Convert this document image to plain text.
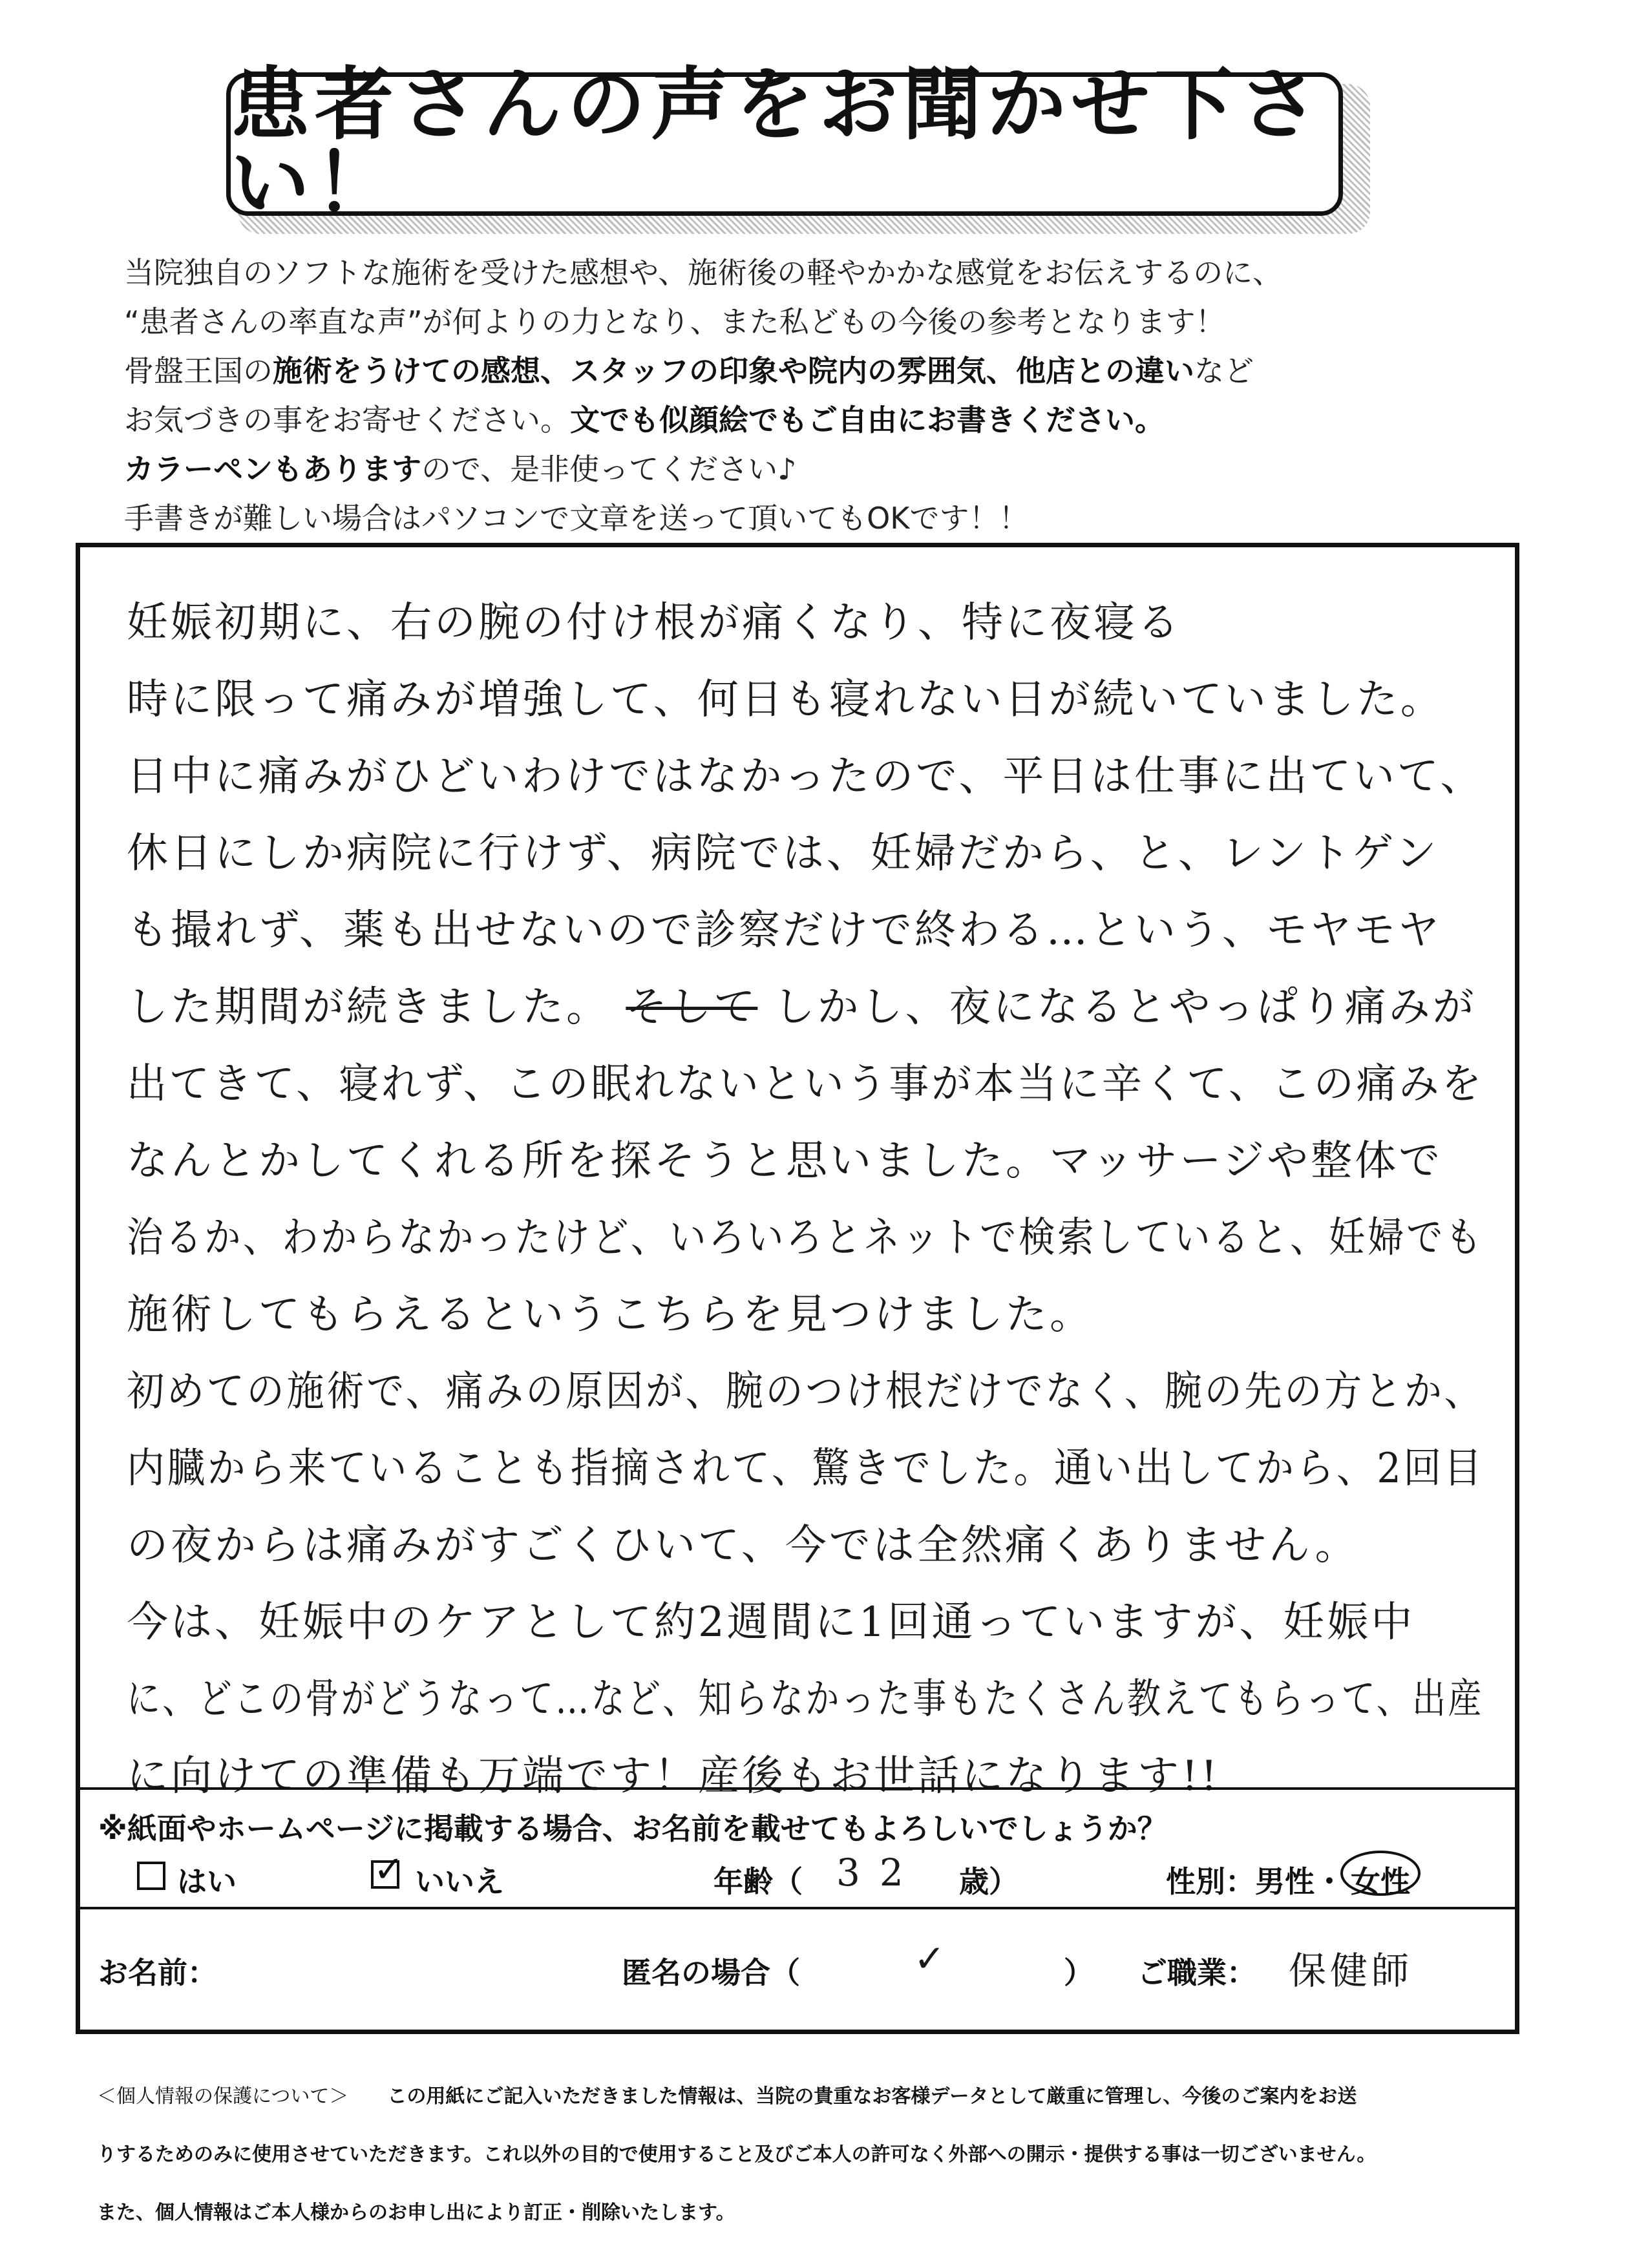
患者さんの声をお聞かせ下さい！
当院独自のソフトな施術を受けた感想や、施術後の軽やかかな感覚をお伝えするのに、
“患者さんの率直な声”が何よりの力となり、また私どもの今後の参考となります！
骨盤王国の施術をうけての感想、スタッフの印象や院内の雰囲気、他店との違いなど
お気づきの事をお寄せください。文でも似顔絵でもご自由にお書きください。
カラーペンもありますので、是非使ってください♪
手書きが難しい場合はパソコンで文章を送って頂いてもOKです！！
妊娠初期に、右の腕の付け根が痛くなり、特に夜寝る
時に限って痛みが増強して、何日も寝れない日が続いていました。
日中に痛みがひどいわけではなかったので、平日は仕事に出ていて、
休日にしか病院に行けず、病院では、妊婦だから、と、レントゲン
も撮れず、薬も出せないので診察だけで終わる…という、モヤモヤ
した期間が続きました。 そして しかし、夜になるとやっぱり痛みが
出てきて、寝れず、この眠れないという事が本当に辛くて、この痛みを
なんとかしてくれる所を探そうと思いました。マッサージや整体で
治るか、わからなかったけど、いろいろとネットで検索していると、妊婦でも
施術してもらえるというこちらを見つけました。
初めての施術で、痛みの原因が、腕のつけ根だけでなく、腕の先の方とか、
内臓から来ていることも指摘されて、驚きでした。通い出してから、2回目
の夜からは痛みがすごくひいて、今では全然痛くありません。
今は、妊娠中のケアとして約2週間に1回通っていますが、妊娠中
に、どこの骨がどうなって…など、知らなかった事もたくさん教えてもらって、出産
に向けての準備も万端です！産後もお世話になります!!
※紙面やホームページに掲載する場合、お名前を載せてもよろしいでしょうか？
はい	✓ いいえ	年齢（ 32 歳）	性別：男性・ 女性
お名前：	匿名の場合（	✓	） ご職業： 保健師
＜個人情報の保護について＞　　 この用紙にご記入いただきました情報は、当院の貴重なお客様データとして厳重に管理し、今後のご案内をお送
りするためのみに使用させていただきます。これ以外の目的で使用すること及びご本人の許可なく外部への開示・提供する事は一切ございません。
また、個人情報はご本人様からのお申し出により訂正・削除いたします。
